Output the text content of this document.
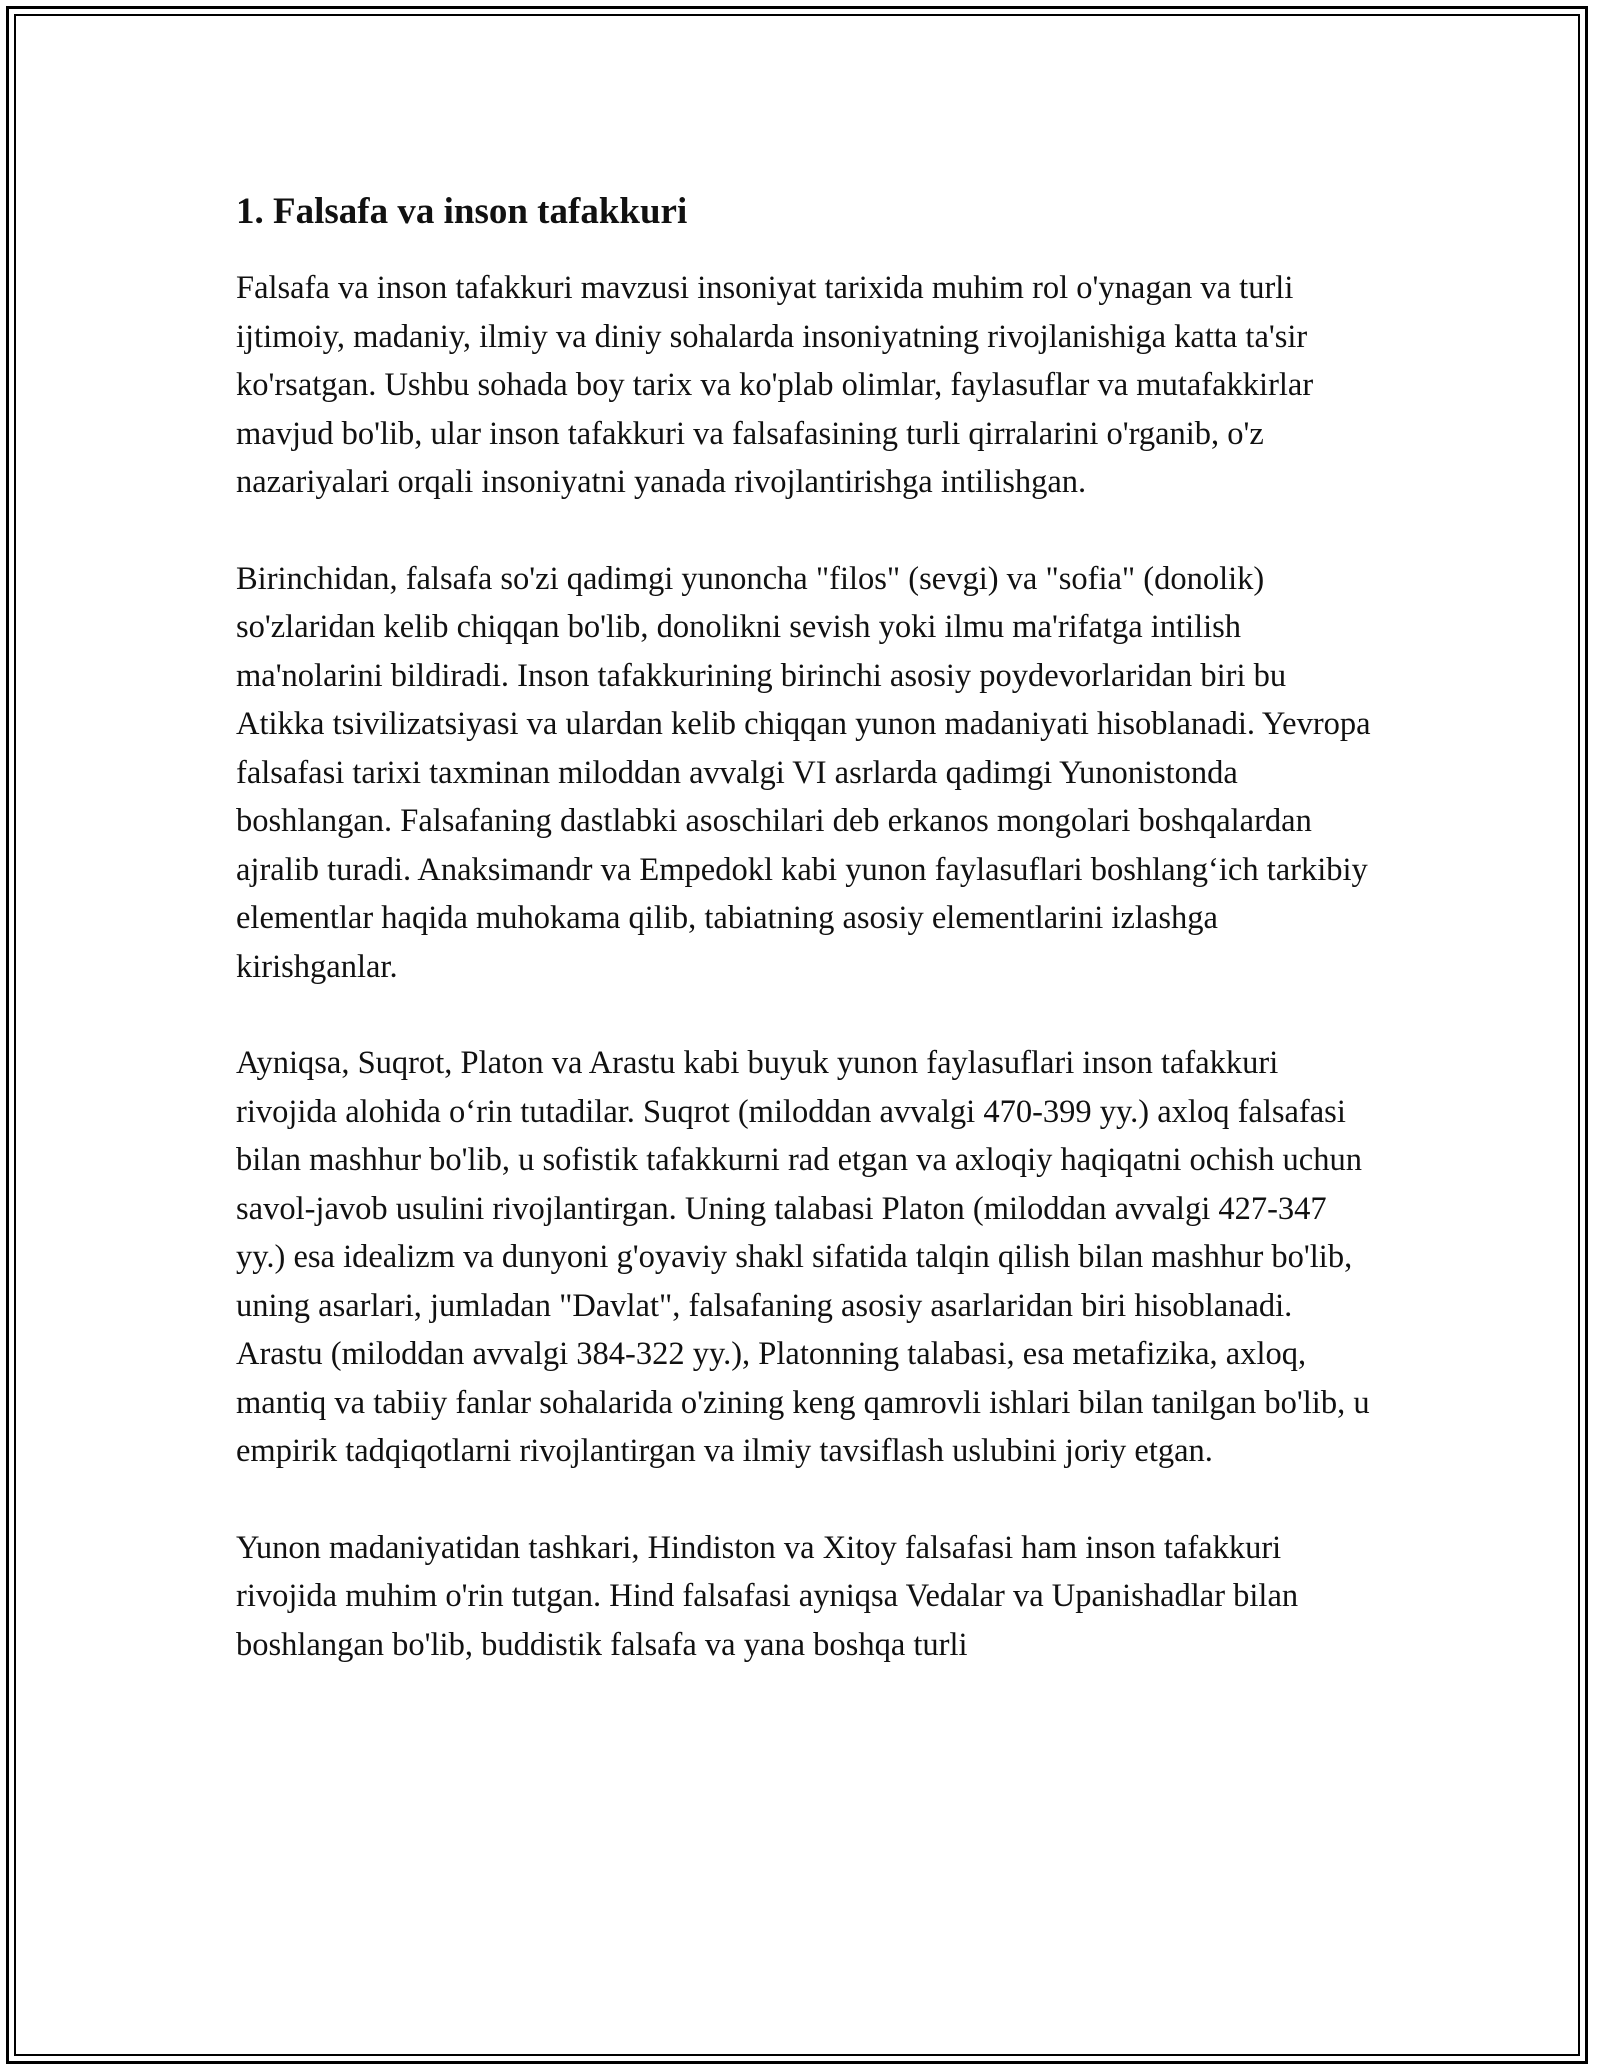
1. Falsafa va inson tafakkuri

Falsafa va inson tafakkuri mavzusi insoniyat tarixida muhim rol o'ynagan va turli ijtimoiy, madaniy, ilmiy va diniy sohalarda insoniyatning rivojlanishiga katta ta'sir ko'rsatgan. Ushbu sohada boy tarix va ko'plab olimlar, faylasuflar va mutafakkirlar mavjud bo'lib, ular inson tafakkuri va falsafasining turli qirralarini o'rganib, o'z nazariyalari orqali insoniyatni yanada rivojlantirishga intilishgan.

Birinchidan, falsafa so'zi qadimgi yunoncha "filos" (sevgi) va "sofia" (donolik) so'zlaridan kelib chiqqan bo'lib, donolikni sevish yoki ilmu ma'rifatga intilish ma'nolarini bildiradi. Inson tafakkurining birinchi asosiy poydevorlaridan biri bu Atikka tsivilizatsiyasi va ulardan kelib chiqqan yunon madaniyati hisoblanadi. Yevropa falsafasi tarixi taxminan miloddan avvalgi VI asrlarda qadimgi Yunonistonda boshlangan. Falsafaning dastlabki asoschilari deb erkanos mongolari boshqalardan ajralib turadi. Anaksimandr va Empedokl kabi yunon faylasuflari boshlang‘ich tarkibiy elementlar haqida muhokama qilib, tabiatning asosiy elementlarini izlashga kirishganlar.

Ayniqsa, Suqrot, Platon va Arastu kabi buyuk yunon faylasuflari inson tafakkuri rivojida alohida o‘rin tutadilar. Suqrot (miloddan avvalgi 470-399 yy.) axloq falsafasi bilan mashhur bo'lib, u sofistik tafakkurni rad etgan va axloqiy haqiqatni ochish uchun savol-javob usulini rivojlantirgan. Uning talabasi Platon (miloddan avvalgi 427-347 yy.) esa idealizm va dunyoni g'oyaviy shakl sifatida talqin qilish bilan mashhur bo'lib, uning asarlari, jumladan "Davlat", falsafaning asosiy asarlaridan biri hisoblanadi. Arastu (miloddan avvalgi 384-322 yy.), Platonning talabasi, esa metafizika, axloq, mantiq va tabiiy fanlar sohalarida o'zining keng qamrovli ishlari bilan tanilgan bo'lib, u empirik tadqiqotlarni rivojlantirgan va ilmiy tavsiflash uslubini joriy etgan.

Yunon madaniyatidan tashkari, Hindiston va Xitoy falsafasi ham inson tafakkuri rivojida muhim o'rin tutgan. Hind falsafasi ayniqsa Vedalar va Upanishadlar bilan boshlangan bo'lib, buddistik falsafa va yana boshqa turli
